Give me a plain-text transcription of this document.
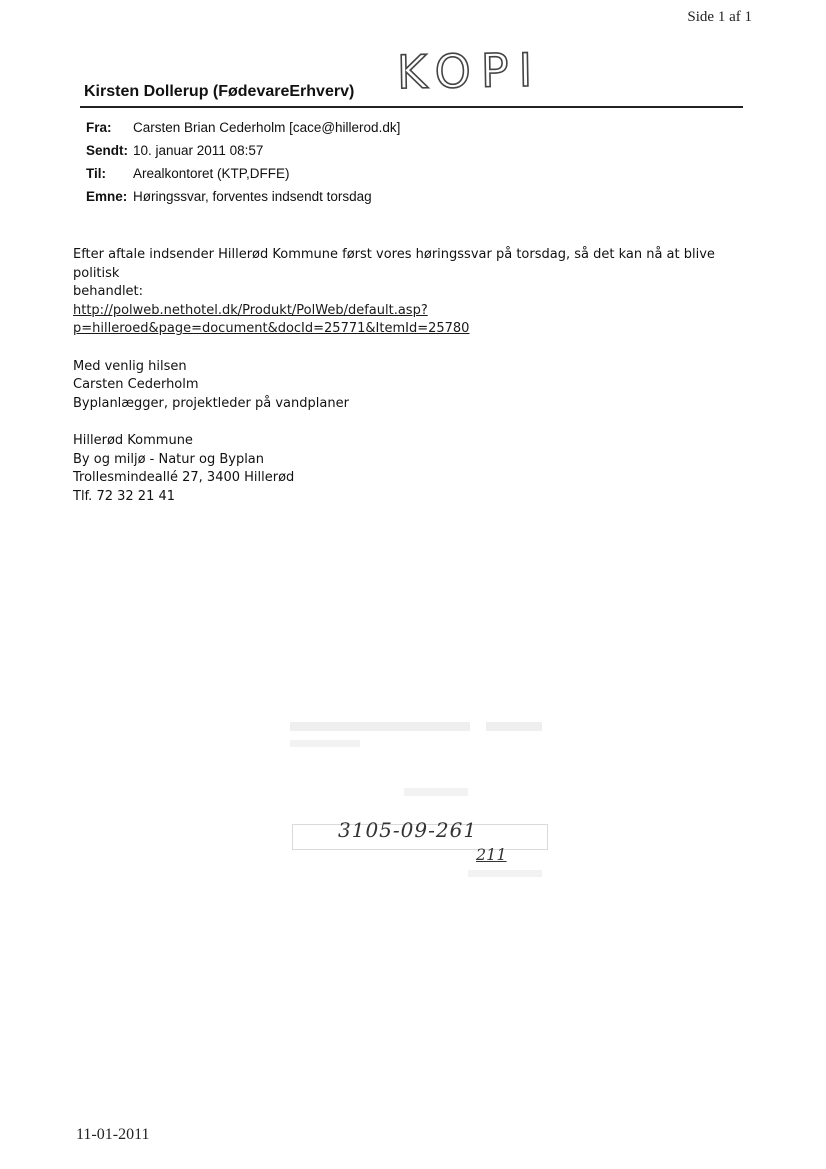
Side 1 af 1
KOPI
Kirsten Dollerup (FødevareErhverv)
Fra:	Carsten Brian Cederholm [cace@hillerod.dk]
Sendt: 10. januar 2011 08:57
Til:	Arealkontoret (KTP,DFFE)
Emne: Høringssvar, forventes indsendt torsdag

Efter aftale indsender Hillerød Kommune først vores høringssvar på torsdag, så det kan nå at blive politisk

behandlet:

http://polweb.nethotel.dk/Produkt/PolWeb/default.asp?

p=hilleroed&page=document&docId=25771&ItemId=25780

Med venlig hilsen

Carsten Cederholm

Byplanlægger, projektleder på vandplaner

Hillerød Kommune

By og miljø - Natur og Byplan

Trollesmindeallé 27, 3400 Hillerød

Tlf. 72 32 21 41

3105-09-261
211
11-01-2011
